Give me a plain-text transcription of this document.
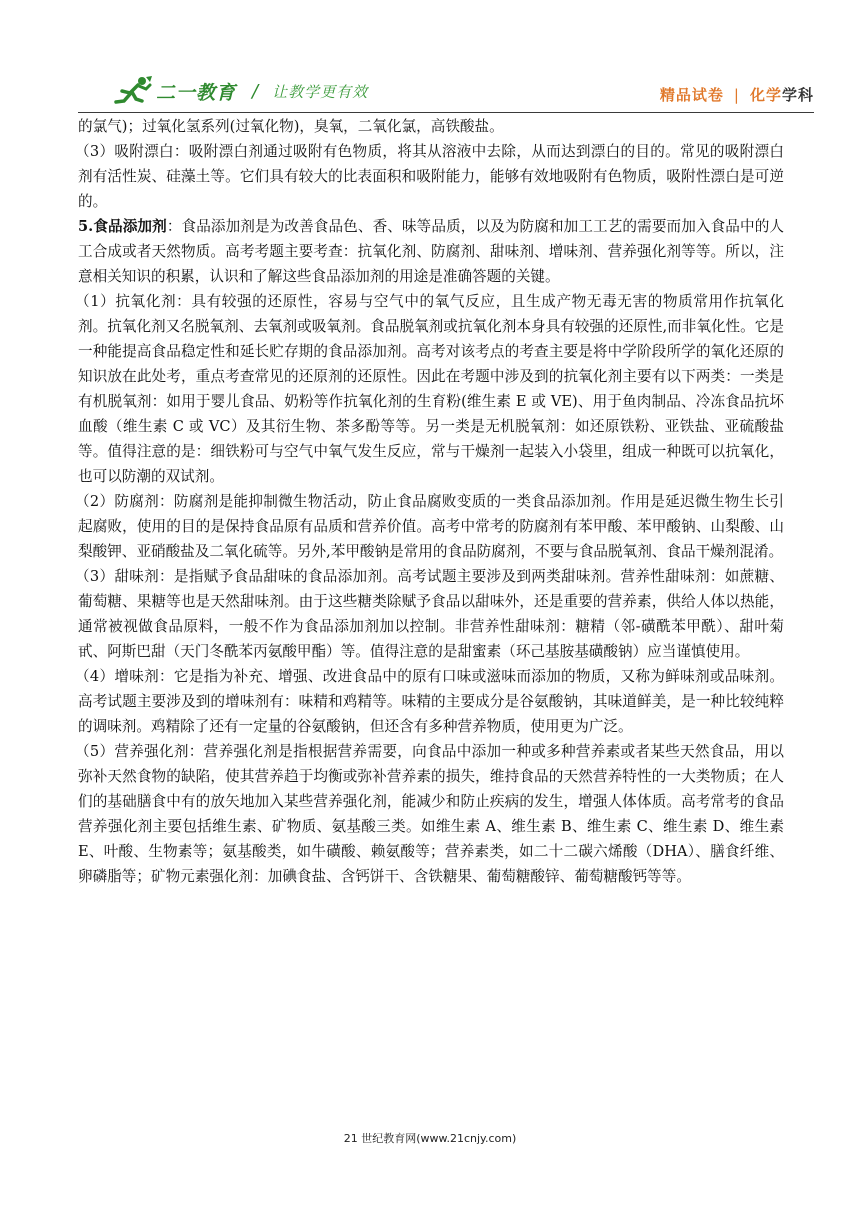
二一教育 / 让教学更有效	精品试卷 | 化学学科

的氯气)；过氧化氢系列(过氧化物)，臭氧，二氧化氯，高铁酸盐。

（3）吸附漂白：吸附漂白剂通过吸附有色物质，将其从溶液中去除，从而达到漂白的目的。常见的吸附漂白剂有活性炭、硅藻土等。它们具有较大的比表面积和吸附能力，能够有效地吸附有色物质，吸附性漂白是可逆的。

5.食品添加剂：食品添加剂是为改善食品色、香、味等品质，以及为防腐和加工工艺的需要而加入食品中的人工合成或者天然物质。高考考题主要考查：抗氧化剂、防腐剂、甜味剂、增味剂、营养强化剂等等。所以，注意相关知识的积累，认识和了解这些食品添加剂的用途是准确答题的关键。

（1）抗氧化剂：具有较强的还原性，容易与空气中的氧气反应，且生成产物无毒无害的物质常用作抗氧化剂。抗氧化剂又名脱氧剂、去氧剂或吸氧剂。食品脱氧剂或抗氧化剂本身具有较强的还原性,而非氧化性。它是一种能提高食品稳定性和延长贮存期的食品添加剂。高考对该考点的考查主要是将中学阶段所学的氧化还原的知识放在此处考，重点考查常见的还原剂的还原性。因此在考题中涉及到的抗氧化剂主要有以下两类：一类是有机脱氧剂：如用于婴儿食品、奶粉等作抗氧化剂的生育粉(维生素 E 或 VE)、用于鱼肉制品、冷冻食品抗坏血酸（维生素 C 或 VC）及其衍生物、茶多酚等等。另一类是无机脱氧剂：如还原铁粉、亚铁盐、亚硫酸盐等。值得注意的是：细铁粉可与空气中氧气发生反应，常与干燥剂一起装入小袋里，组成一种既可以抗氧化，也可以防潮的双试剂。

（2）防腐剂：防腐剂是能抑制微生物活动，防止食品腐败变质的一类食品添加剂。作用是延迟微生物生长引起腐败，使用的目的是保持食品原有品质和营养价值。高考中常考的防腐剂有苯甲酸、苯甲酸钠、山梨酸、山梨酸钾、亚硝酸盐及二氧化硫等。另外,苯甲酸钠是常用的食品防腐剂，不要与食品脱氧剂、食品干燥剂混淆。

（3）甜味剂：是指赋予食品甜味的食品添加剂。高考试题主要涉及到两类甜味剂。营养性甜味剂：如蔗糖、葡萄糖、果糖等也是天然甜味剂。由于这些糖类除赋予食品以甜味外，还是重要的营养素，供给人体以热能，通常被视做食品原料，一般不作为食品添加剂加以控制。非营养性甜味剂：糖精（邻-磺酰苯甲酰）、甜叶菊甙、阿斯巴甜（天门冬酰苯丙氨酸甲酯）等。值得注意的是甜蜜素（环己基胺基磺酸钠）应当谨慎使用。

（4）增味剂：它是指为补充、增强、改进食品中的原有口味或滋味而添加的物质，又称为鲜味剂或品味剂。高考试题主要涉及到的增味剂有：味精和鸡精等。味精的主要成分是谷氨酸钠，其味道鲜美，是一种比较纯粹的调味剂。鸡精除了还有一定量的谷氨酸钠，但还含有多种营养物质，使用更为广泛。

（5）营养强化剂：营养强化剂是指根据营养需要，向食品中添加一种或多种营养素或者某些天然食品，用以弥补天然食物的缺陷，使其营养趋于均衡或弥补营养素的损失，维持食品的天然营养特性的一大类物质；在人们的基础膳食中有的放矢地加入某些营养强化剂，能减少和防止疾病的发生，增强人体体质。高考常考的食品营养强化剂主要包括维生素、矿物质、氨基酸三类。如维生素 A、维生素 B、维生素 C、维生素 D、维生素 E、叶酸、生物素等；氨基酸类，如牛磺酸、赖氨酸等；营养素类，如二十二碳六烯酸（DHA）、膳食纤维、卵磷脂等；矿物元素强化剂：加碘食盐、含钙饼干、含铁糖果、葡萄糖酸锌、葡萄糖酸钙等等。

21 世纪教育网(www.21cnjy.com)
